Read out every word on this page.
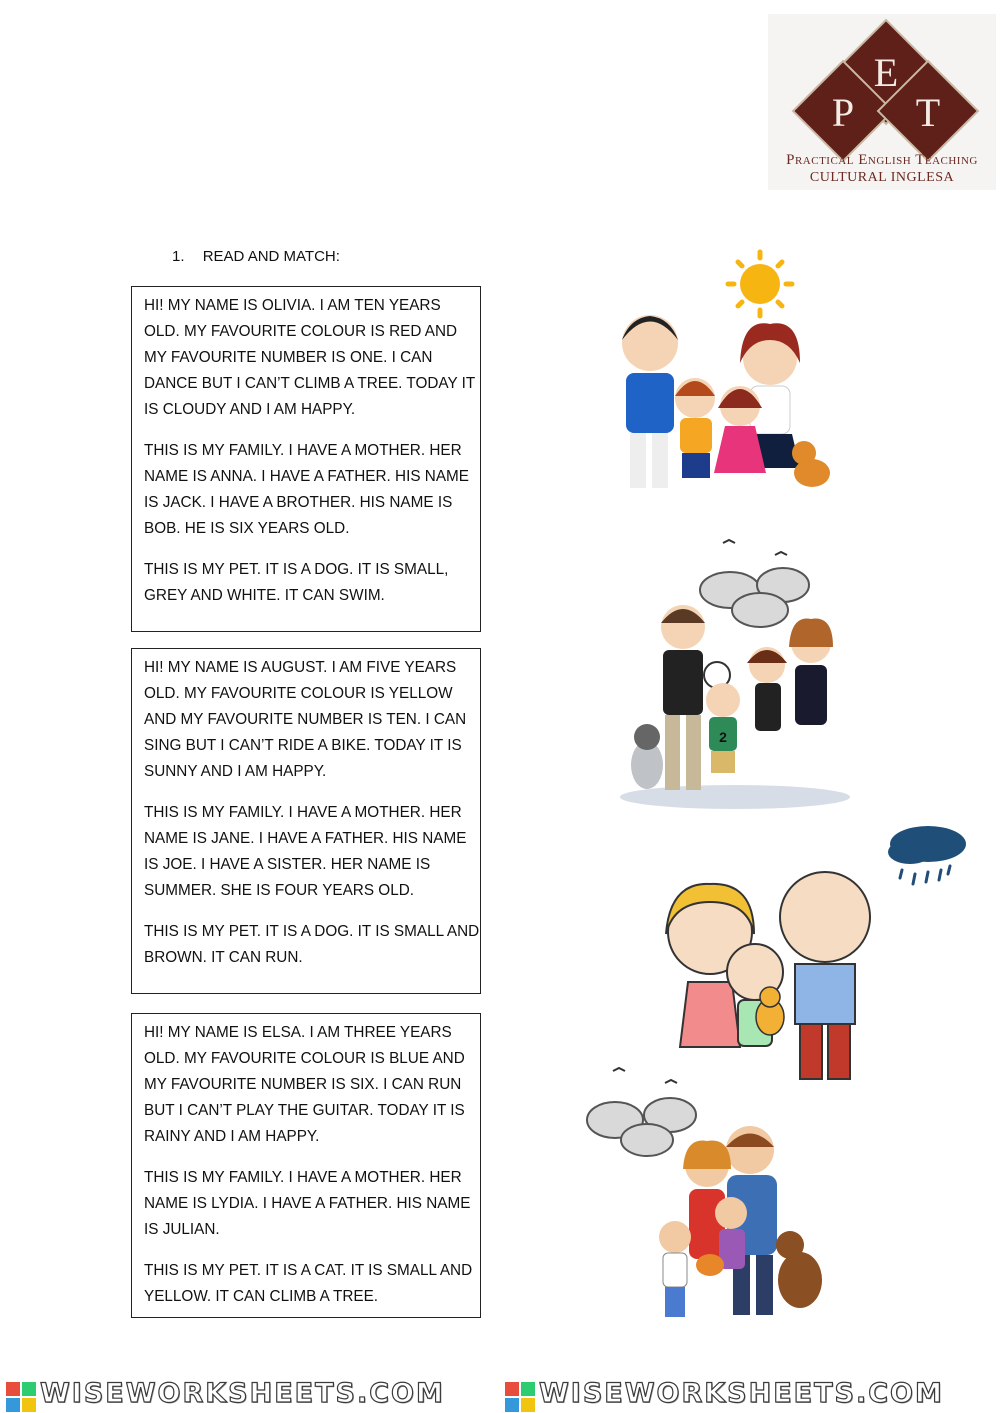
E
P T
Practical English Teaching
CULTURAL INGLESA
1. READ AND MATCH:

HI! MY NAME IS OLIVIA. I AM TEN YEARS OLD. MY FAVOURITE COLOUR IS RED AND MY FAVOURITE NUMBER IS ONE. I CAN DANCE BUT I CAN’T CLIMB A TREE. TODAY IT IS CLOUDY AND I AM HAPPY.

THIS IS MY FAMILY. I HAVE A MOTHER. HER NAME IS ANNA. I HAVE A FATHER. HIS NAME IS JACK. I HAVE A BROTHER. HIS NAME IS BOB. HE IS SIX YEARS OLD.

THIS IS MY PET. IT IS A DOG. IT IS SMALL, GREY AND WHITE. IT CAN SWIM.

HI! MY NAME IS AUGUST. I AM FIVE YEARS OLD. MY FAVOURITE COLOUR IS YELLOW AND MY FAVOURITE NUMBER IS TEN. I CAN SING BUT I CAN’T RIDE A BIKE. TODAY IT IS SUNNY AND I AM HAPPY.

THIS IS MY FAMILY. I HAVE A MOTHER. HER NAME IS JANE. I HAVE A FATHER. HIS NAME IS JOE. I HAVE A SISTER. HER NAME IS SUMMER. SHE IS FOUR YEARS OLD.

THIS IS MY PET. IT IS A DOG. IT IS SMALL AND BROWN. IT CAN RUN.

HI! MY NAME IS ELSA. I AM THREE YEARS OLD. MY FAVOURITE COLOUR IS BLUE AND MY FAVOURITE NUMBER IS SIX. I CAN RUN BUT I CAN’T PLAY THE GUITAR. TODAY IT IS RAINY AND I AM HAPPY.

THIS IS MY FAMILY. I HAVE A MOTHER. HER NAME IS LYDIA. I HAVE A FATHER. HIS NAME IS JULIAN.

THIS IS MY PET. IT IS A CAT. IT IS SMALL AND YELLOW. IT CAN CLIMB A TREE.

2
WISEWORKSHEETS.COM	WISEWORKSHEETS.COM
